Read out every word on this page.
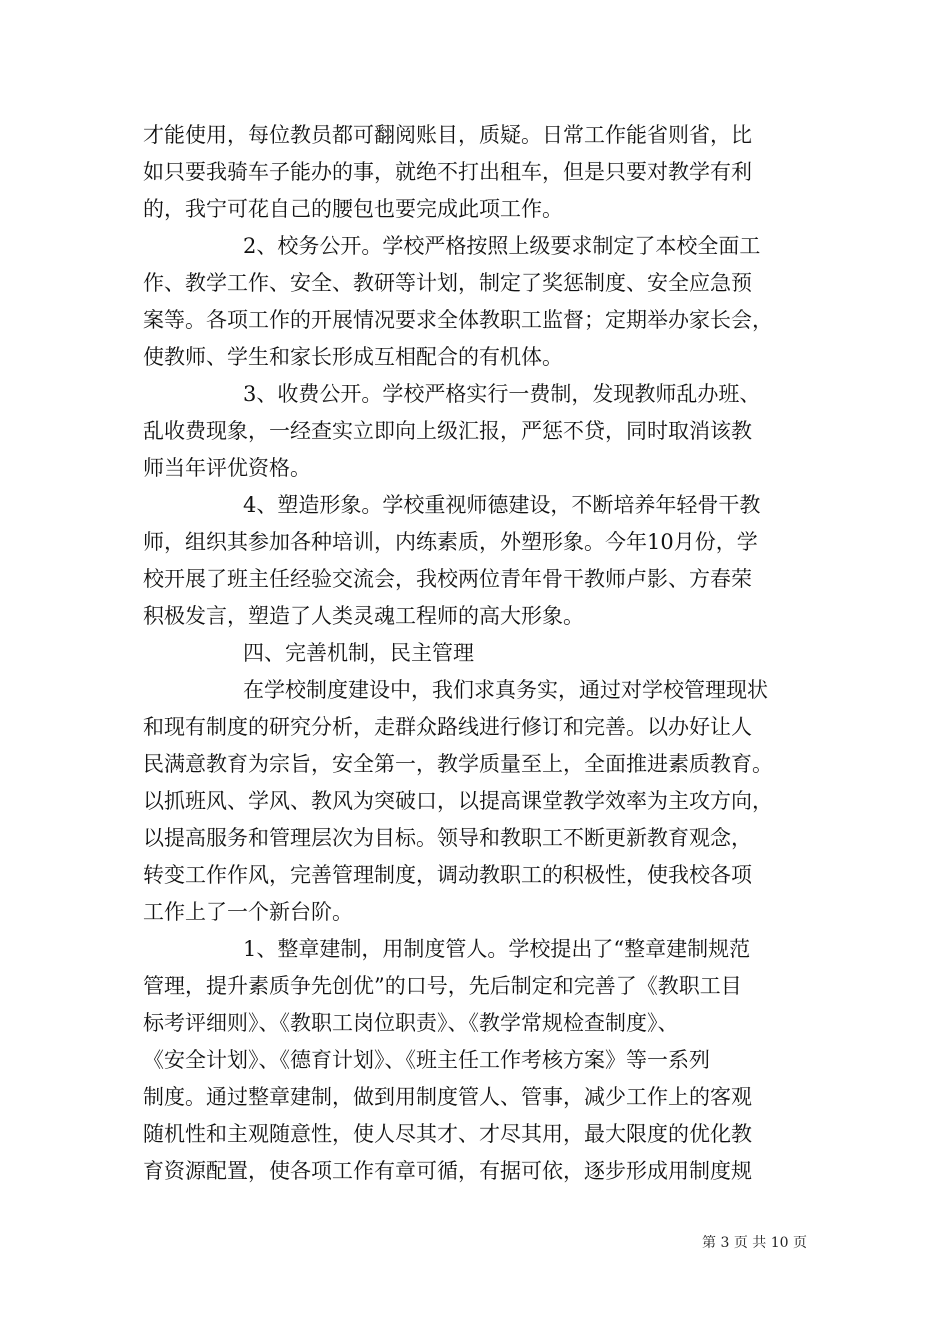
才能使用，每位教员都可翻阅账目，质疑。日常工作能省则省，比
如只要我骑车子能办的事，就绝不打出租车，但是只要对教学有利
的，我宁可花自己的腰包也要完成此项工作。
2、校务公开。学校严格按照上级要求制定了本校全面工
作、教学工作、安全、教研等计划，制定了奖惩制度、安全应急预
案等。各项工作的开展情况要求全体教职工监督；定期举办家长会，
使教师、学生和家长形成互相配合的有机体。
3、收费公开。学校严格实行一费制，发现教师乱办班、
乱收费现象，一经查实立即向上级汇报，严惩不贷，同时取消该教
师当年评优资格。
4、塑造形象。学校重视师德建设，不断培养年轻骨干教
师，组织其参加各种培训，内练素质，外塑形象。今年10月份，学
校开展了班主任经验交流会，我校两位青年骨干教师卢影、方春荣
积极发言，塑造了人类灵魂工程师的高大形象。
四、完善机制，民主管理
在学校制度建设中，我们求真务实，通过对学校管理现状
和现有制度的研究分析，走群众路线进行修订和完善。以办好让人
民满意教育为宗旨，安全第一，教学质量至上，全面推进素质教育。
以抓班风、学风、教风为突破口，以提高课堂教学效率为主攻方向，
以提高服务和管理层次为目标。领导和教职工不断更新教育观念，
转变工作作风，完善管理制度，调动教职工的积极性，使我校各项
工作上了一个新台阶。
1、整章建制，用制度管人。学校提出了“整章建制规范
管理，提升素质争先创优”的口号，先后制定和完善了《教职工目
标考评细则》、《教职工岗位职责》、《教学常规检查制度》、
《安全计划》、《德育计划》、《班主任工作考核方案》等一系列
制度。通过整章建制，做到用制度管人、管事，减少工作上的客观
随机性和主观随意性，使人尽其才、才尽其用，最大限度的优化教
育资源配置，使各项工作有章可循，有据可依，逐步形成用制度规
第 3 页 共 10 页
